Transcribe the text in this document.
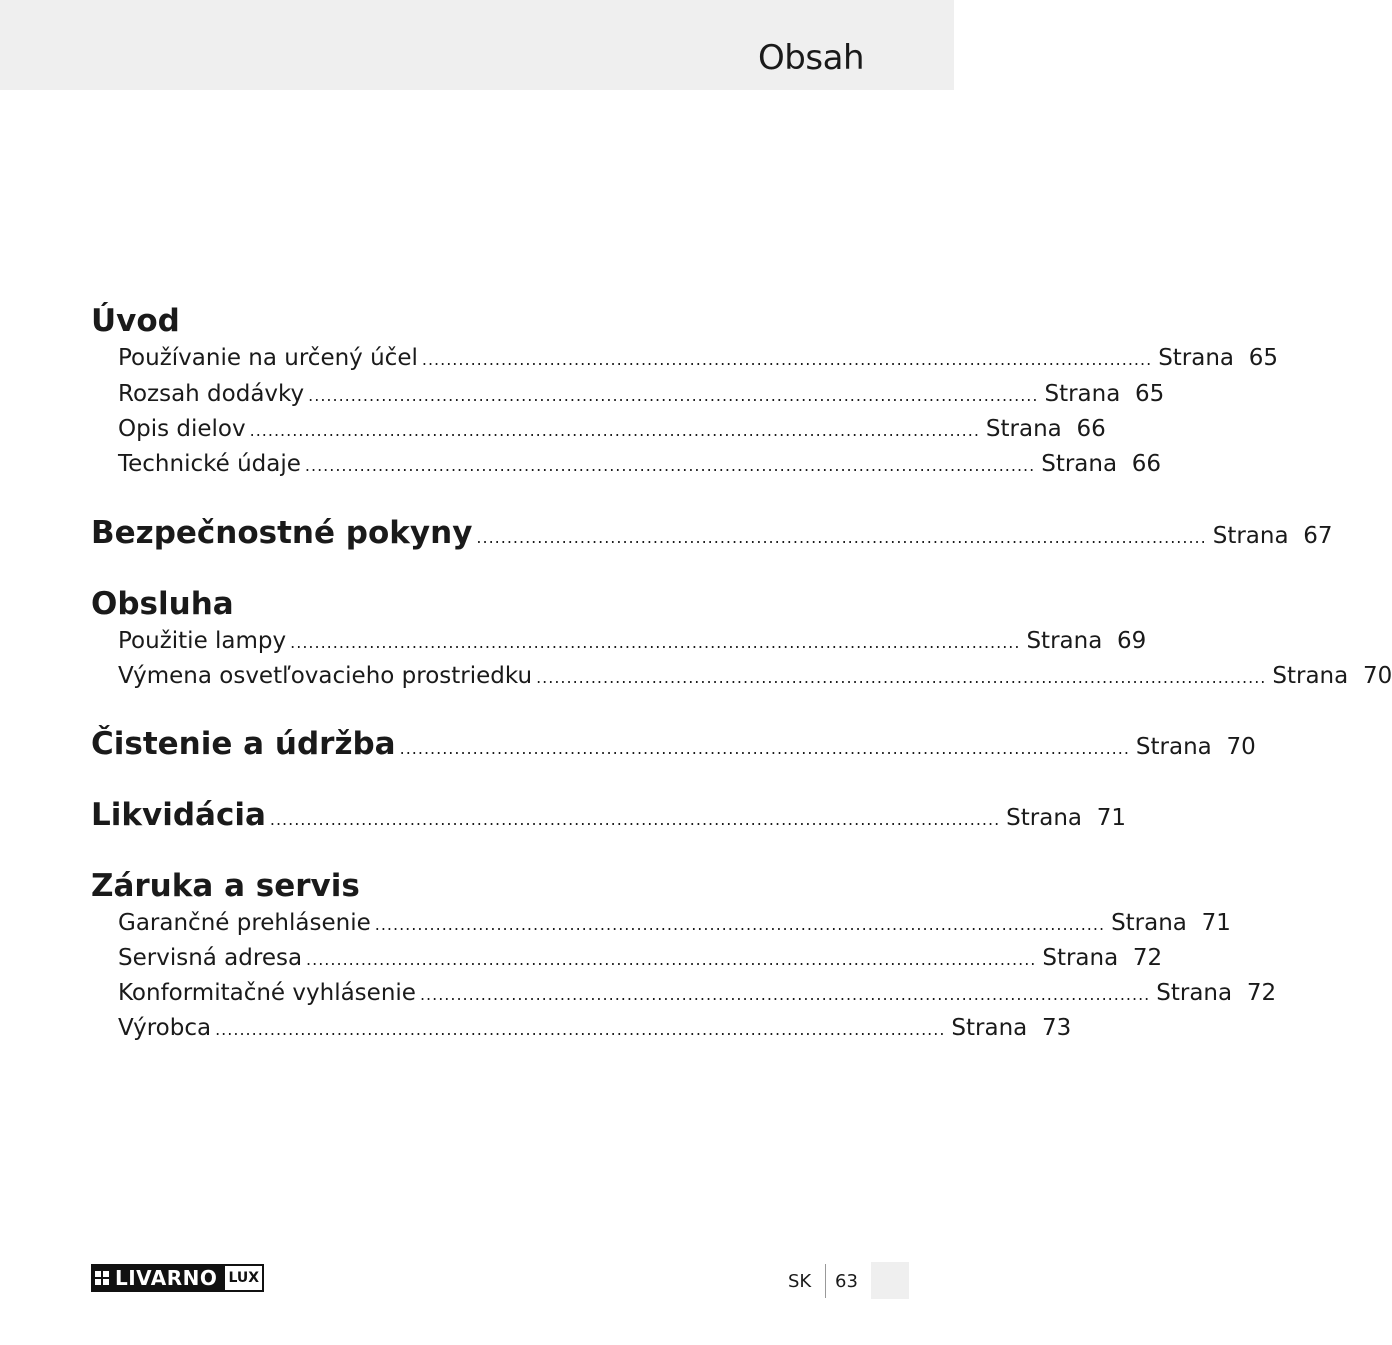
Obsah
Úvod
Používanie na určený účel ........................................................................................................................ Strana 65
Rozsah dodávky ........................................................................................................................ Strana 65
Opis dielov ........................................................................................................................ Strana 66
Technické údaje ........................................................................................................................ Strana 66
Bezpečnostné pokyny ........................................................................................................................ Strana 67
Obsluha
Použitie lampy ........................................................................................................................ Strana 69
Výmena osvetľovacieho prostriedku ........................................................................................................................ Strana 70
Čistenie a údržba ........................................................................................................................ Strana 70
Likvidácia ........................................................................................................................ Strana 71
Záruka a servis
Garančné prehlásenie ........................................................................................................................ Strana 71
Servisná adresa ........................................................................................................................ Strana 72
Konformitačné vyhlásenie ........................................................................................................................ Strana 72
Výrobca ........................................................................................................................ Strana 73
LIVARNO LUX	SK 63
